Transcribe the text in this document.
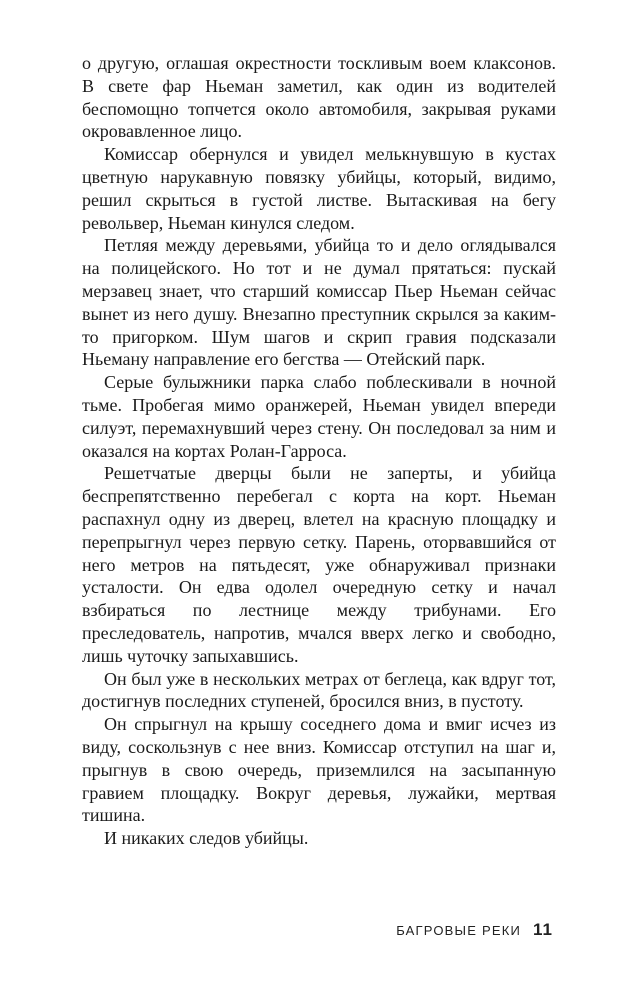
о другую, оглашая окрестности тоскливым воем клаксонов. В свете фар Ньеман заметил, как один из водителей беспомощно топчется около автомобиля, закрывая руками окровавленное лицо.

Комиссар обернулся и увидел мелькнувшую в кустах цветную нарукавную повязку убийцы, который, видимо, решил скрыться в густой листве. Вытаскивая на бегу револьвер, Ньеман кинулся следом.

Петляя между деревьями, убийца то и дело оглядывался на полицейского. Но тот и не думал прятаться: пускай мерзавец знает, что старший комиссар Пьер Ньеман сейчас вынет из него душу. Внезапно преступник скрылся за каким-то пригорком. Шум шагов и скрип гравия подсказали Ньеману направление его бегства — Отейский парк.

Серые булыжники парка слабо поблескивали в ночной тьме. Пробегая мимо оранжерей, Ньеман увидел впереди силуэт, перемахнувший через стену. Он последовал за ним и оказался на кортах Ролан-Гарроса.

Решетчатые дверцы были не заперты, и убийца беспрепятственно перебегал с корта на корт. Ньеман распахнул одну из дверец, влетел на красную площадку и перепрыгнул через первую сетку. Парень, оторвавшийся от него метров на пятьдесят, уже обнаруживал признаки усталости. Он едва одолел очередную сетку и начал взбираться по лестнице между трибунами. Его преследователь, напротив, мчался вверх легко и свободно, лишь чуточку запыхавшись.

Он был уже в нескольких метрах от беглеца, как вдруг тот, достигнув последних ступеней, бросился вниз, в пустоту.

Он спрыгнул на крышу соседнего дома и вмиг исчез из виду, соскользнув с нее вниз. Комиссар отступил на шаг и, прыгнув в свою очередь, приземлился на засыпанную гравием площадку. Вокруг деревья, лужайки, мертвая тишина.

И никаких следов убийцы.

БАГРОВЫЕ РЕКИ 11
